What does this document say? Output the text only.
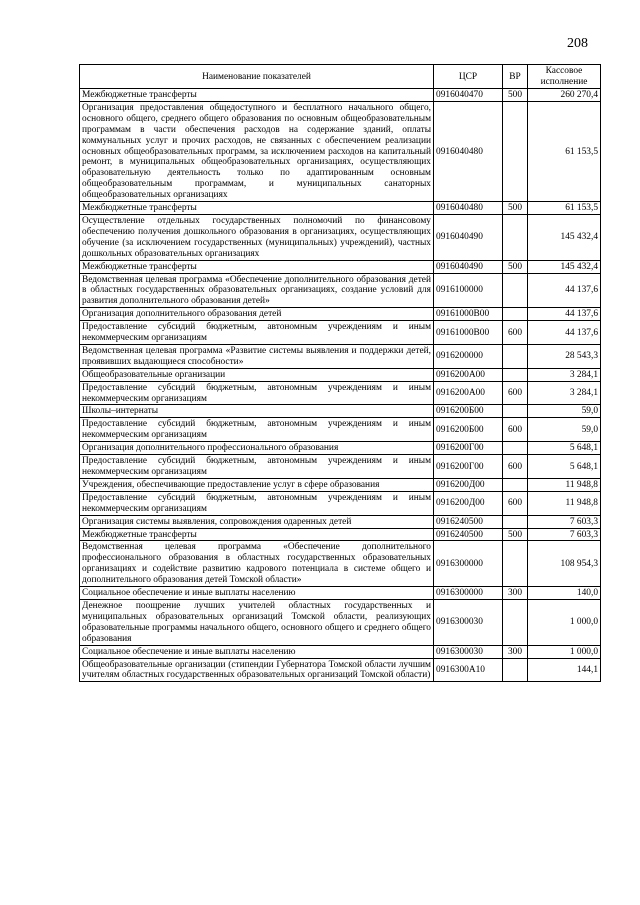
208
Наименование показателей	ЦСР	ВР	Кассовое исполнение
Межбюджетные трансферты	0916040470	500	260 270,4
Организация предоставления общедоступного и бесплатного начального общего, основного общего, среднего общего образования по основным общеобразовательным программам в части обеспечения расходов на содержание зданий, оплаты коммунальных услуг и прочих расходов, не связанных с обеспечением реализации основных общеобразовательных программ, за исключением расходов на капитальный ремонт, в муниципальных общеобразовательных организациях, осуществляющих образовательную деятельность только по адаптированным основным общеобразовательным программам, и муниципальных санаторных общеобразовательных организациях	0916040480		61 153,5
Межбюджетные трансферты	0916040480	500	61 153,5
Осуществление отдельных государственных полномочий по финансовому обеспечению получения дошкольного образования в организациях, осуществляющих обучение (за исключением государственных (муниципальных) учреждений), частных дошкольных образовательных организациях	0916040490		145 432,4
Межбюджетные трансферты	0916040490	500	145 432,4
Ведомственная целевая программа «Обеспечение дополнительного образования детей в областных государственных образовательных организациях, создание условий для развития дополнительного образования детей»	0916100000		44 137,6
Организация дополнительного образования детей	09161000В00		44 137,6
Предоставление субсидий бюджетным, автономным учреждениям и иным некоммерческим организациям	09161000В00	600	44 137,6
Ведомственная целевая программа «Развитие системы выявления и поддержки детей, проявивших выдающиеся способности»	0916200000		28 543,3
Общеобразовательные организации	0916200А00		3 284,1
Предоставление субсидий бюджетным, автономным учреждениям и иным некоммерческим организациям	0916200А00	600	3 284,1
Школы–интернаты	0916200Б00		59,0
Предоставление субсидий бюджетным, автономным учреждениям и иным некоммерческим организациям	0916200Б00	600	59,0
Организация дополнительного профессионального образования	0916200Г00		5 648,1
Предоставление субсидий бюджетным, автономным учреждениям и иным некоммерческим организациям	0916200Г00	600	5 648,1
Учреждения, обеспечивающие предоставление услуг в сфере образования	0916200Д00		11 948,8
Предоставление субсидий бюджетным, автономным учреждениям и иным некоммерческим организациям	0916200Д00	600	11 948,8
Организация системы выявления, сопровождения одаренных детей	0916240500		7 603,3
Межбюджетные трансферты	0916240500	500	7 603,3
Ведомственная целевая программа «Обеспечение дополнительного профессионального образования в областных государственных образовательных организациях и содействие развитию кадрового потенциала в системе общего и дополнительного образования детей Томской области»	0916300000		108 954,3
Социальное обеспечение и иные выплаты населению	0916300000	300	140,0
Денежное поощрение лучших учителей областных государственных и муниципальных образовательных организаций Томской области, реализующих образовательные программы начального общего, основного общего и среднего общего образования	0916300030		1 000,0
Социальное обеспечение и иные выплаты населению	0916300030	300	1 000,0
Общеобразовательные организации (стипендии Губернатора Томской области лучшим учителям областных государственных образовательных организаций Томской области)	0916300А10		144,1
